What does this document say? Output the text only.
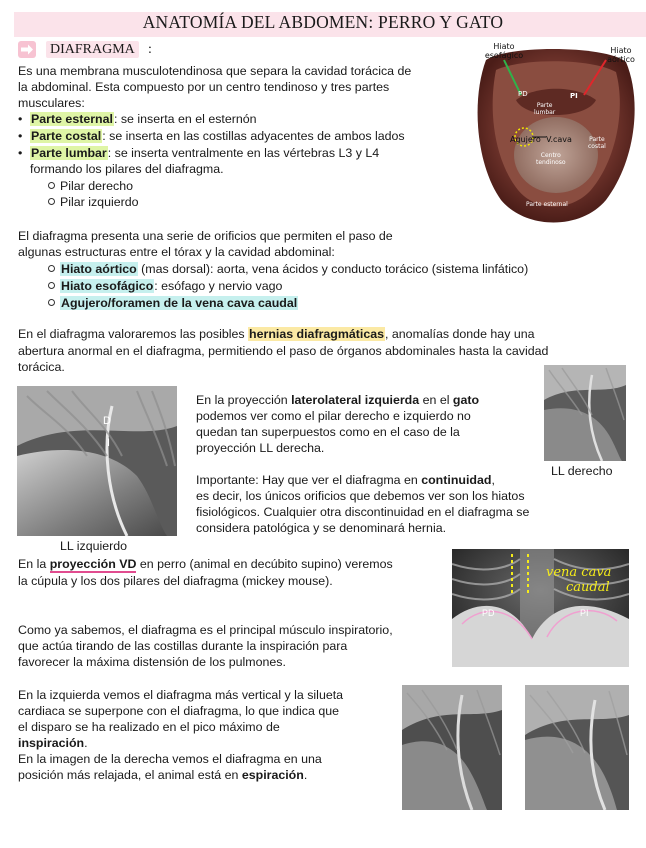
ANATOMÍA DEL ABDOMEN: PERRO Y GATO
DIAFRAGMA :
Es una membrana musculotendinosa que separa la cavidad torácica de
la abdominal. Esta compuesto por un centro tendinoso y tres partes
musculares:
• Parte esternal: se inserta en el esternón
• Parte costal: se inserta en las costillas adyacentes de ambos lados
• Parte lumbar: se inserta ventralmente en las vértebras L3 y L4
formando los pilares del diafragma.
Pilar derecho
Pilar izquierdo
Hiato
esofágico
Hiato
aórtico
PD	PI
Parte
lumbar
Agujero V.cava	Parte
costal
Centro
tendinoso
Parte esternal
El diafragma presenta una serie de orificios que permiten el paso de
algunas estructuras entre el tórax y la cavidad abdominal:
Hiato aórtico (mas dorsal): aorta, vena ácidos y conducto torácico (sistema linfático)
Hiato esofágico: esófago y nervio vago
Agujero/foramen de la vena cava caudal
En el diafragma valoraremos las posibles hernias diafragmáticas, anomalías donde hay una
abertura anormal en el diafragma, permitiendo el paso de órganos abdominales hasta la cavidad
torácica.
D
I
LL izquierdo
En la proyección laterolateral izquierda en el gato
podemos ver como el pilar derecho e izquierdo no
quedan tan superpuestos como en el caso de la
proyección LL derecha.
Importante: Hay que ver el diafragma en continuidad,
es decir, los únicos orificios que debemos ver son los hiatos
fisiológicos. Cualquier otra discontinuidad en el diafragma se
considera patológica y se denominará hernia.
LL derecho
En la proyección VD en perro (animal en decúbito supino) veremos
la cúpula y los dos pilares del diafragma (mickey mouse).
PD	PI
vena cava
caudal
Como ya sabemos, el diafragma es el principal músculo inspiratorio,
que actúa tirando de las costillas durante la inspiración para
favorecer la máxima distensión de los pulmones.
En la izquierda vemos el diafragma más vertical y la silueta
cardiaca se superpone con el diafragma, lo que indica que
el disparo se ha realizado en el pico máximo de
inspiración.
En la imagen de la derecha vemos el diafragma en una
posición más relajada, el animal está en espiración.
